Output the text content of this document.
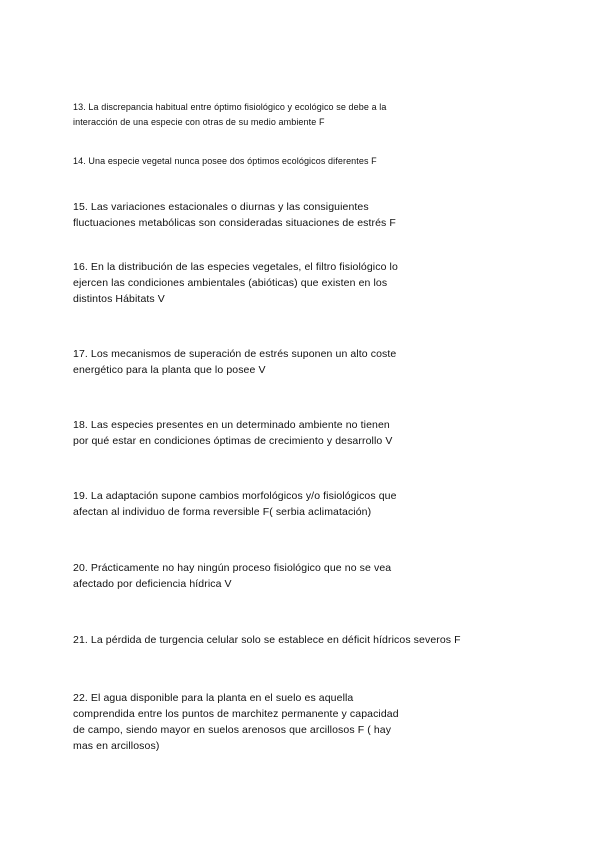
13. La discrepancia habitual entre óptimo fisiológico y ecológico se debe a la
interacción de una especie con otras de su medio ambiente F

14. Una especie vegetal nunca posee dos óptimos ecológicos diferentes F

15. Las variaciones estacionales o diurnas y las consiguientes
fluctuaciones metabólicas son consideradas situaciones de estrés F

16. En la distribución de las especies vegetales, el filtro fisiológico lo
ejercen las condiciones ambientales (abióticas) que existen en los
distintos Hábitats V

17. Los mecanismos de superación de estrés suponen un alto coste
energético para la planta que lo posee V

18. Las especies presentes en un determinado ambiente no tienen
por qué estar en condiciones óptimas de crecimiento y desarrollo V

19. La adaptación supone cambios morfológicos y/o fisiológicos que
afectan al individuo de forma reversible F( serbia aclimatación)

20. Prácticamente no hay ningún proceso fisiológico que no se vea
afectado por deficiencia hídrica V

21. La pérdida de turgencia celular solo se establece en déficit hídricos severos F

22. El agua disponible para la planta en el suelo es aquella
comprendida entre los puntos de marchitez permanente y capacidad
de campo, siendo mayor en suelos arenosos que arcillosos F ( hay
mas en arcillosos)
